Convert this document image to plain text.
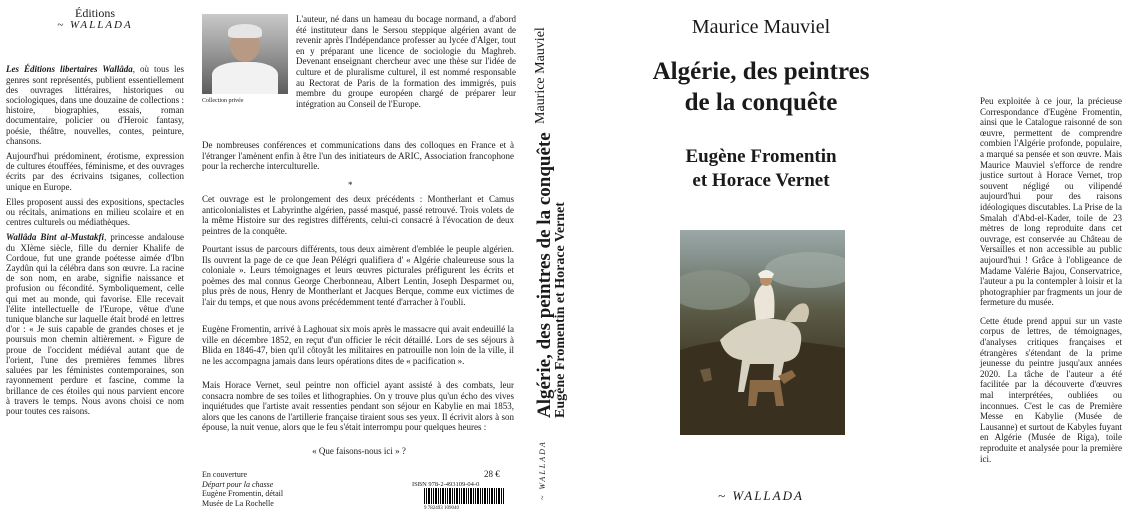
Éditions
~ WALLADA

Les Éditions libertaires Wallâda, où tous les genres sont représentés, publient essentiellement des ouvrages littéraires, historiques ou sociologiques, dans une douzaine de collections : histoire, biographies, essais, roman documentaire, policier ou d'Heroic fantasy, poésie, théâtre, nouvelles, contes, peinture, chansons.

Aujourd'hui prédominent, érotisme, expression de cultures étouffées, féminisme, et des ouvrages écrits par des écrivains tsiganes, collection unique en Europe.

Elles proposent aussi des expositions, spectacles ou récitals, animations en milieu scolaire et en centres culturels ou médiathèques.

Wallâda Bint al-Mustakfi, princesse andalouse du XIème siècle, fille du dernier Khalife de Cordoue, fut une grande poétesse aimée d'Ibn Zaydûn qui la célébra dans son œuvre. La racine de son nom, en arabe, signifie naissance et profusion ou fécondité. Symboliquement, celle qui met au monde, qui favorise. Elle recevait l'élite intellectuelle de l'Europe, vêtue d'une tunique blanche sur laquelle était brodé en lettres d'or : « Je suis capable de grandes choses et je poursuis mon chemin altièrement. » Figure de proue de l'occident médiéval autant que de l'orient, l'une des premières femmes libres saluées par les féministes contemporaines, son rayonnement perdure et fascine, comme la brillance de ces étoiles qui nous parvient encore à travers le temps. Nous avons choisi ce nom pour toutes ces raisons.

Collection privée

L'auteur, né dans un hameau du bocage normand, a d'abord été instituteur dans le Sersou steppique algérien avant de revenir après l'Indépendance professer au lycée d'Alger, tout en y préparant une licence de sociologie du Maghreb. Devenant enseignant chercheur avec une thèse sur l'idée de culture et de pluralisme culturel, il est nommé responsable au Rectorat de Paris de la formation des immigrés, puis membre du groupe européen chargé de préparer leur intégration au Conseil de l'Europe.

De nombreuses conférences et communications dans des colloques en France et à l'étranger l'amènent enfin à être l'un des initiateurs de ARIC, Association francophone pour la recherche interculturelle.

*

Cet ouvrage est le prolongement des deux précédents : Montherlant et Camus anticolonialistes et Labyrinthe algérien, passé masqué, passé retrouvé. Trois volets de la même Histoire sur des registres différents, celui-ci consacré à l'évocation de deux peintres de la conquête.

Pourtant issus de parcours différents, tous deux aimèrent d'emblée le peuple algérien. Ils ouvrent la page de ce que Jean Pélégri qualifiera d' « Algérie chaleureuse sous la coloniale ». Leurs témoignages et leurs œuvres picturales préfigurent les écrits et poèmes des mal connus George Cherbonneau, Albert Lentin, Joseph Desparmet ou, plus près de nous, Henry de Montherlant et Jacques Berque, comme eux victimes de l'air du temps, et que nous avons précédemment tenté d'arracher à l'oubli.

Eugène Fromentin, arrivé à Laghouat six mois après le massacre qui avait endeuillé la ville en décembre 1852, en reçut d'un officier le récit détaillé. Lors de ses séjours à Blida en 1846-47, bien qu'il côtoyât les militaires en patrouille non loin de la ville, il ne les accompagna jamais dans leurs opérations dites de « pacification ».

Mais Horace Vernet, seul peintre non officiel ayant assisté à des combats, leur consacra nombre de ses toiles et lithographies. On y trouve plus qu'un écho des vives inquiétudes que l'artiste avait ressenties pendant son séjour en Kabylie en mai 1853, alors que les canons de l'artillerie française tiraient sous ses yeux. Il écrivit alors à son épouse, la nuit venue, alors que le feu s'était interrompu pour quelques heures :

« Que faisons-nous ici » ?
En couverture
Départ pour la chasse
Eugène Fromentin, détail
Musée de La Rochelle
28 €
ISBN 978-2-493109-04-0
9 782493 109040
Maurice Mauviel
Algérie, des peintres de la conquête
Eugène Fromentin et Horace Vernet
~ WALLADA
Maurice Mauviel
Algérie, des peintres
de la conquête
Eugène Fromentin
et Horace Vernet
~ WALLADA

Peu exploitée à ce jour, la précieuse Correspondance d'Eugène Fromentin, ainsi que le Catalogue raisonné de son œuvre, permettent de comprendre combien l'Algérie profonde, populaire, a marqué sa pensée et son œuvre. Mais Maurice Mauviel s'efforce de rendre justice surtout à Horace Vernet, trop souvent négligé ou vilipendé aujourd'hui pour des raisons idéologiques discutables. La Prise de la Smalah d'Abd-el-Kader, toile de 23 mètres de long reproduite dans cet ouvrage, est conservée au Château de Versailles et non accessible au public aujourd'hui ! Grâce à l'obligeance de Madame Valérie Bajou, Conservatrice, l'auteur a pu la contempler à loisir et la photographier par fragments un jour de fermeture du musée.

Cette étude prend appui sur un vaste corpus de lettres, de témoignages, d'analyses critiques françaises et étrangères s'étendant de la prime jeunesse du peintre jusqu'aux années 2020. La tâche de l'auteur a été facilitée par la découverte d'œuvres mal interprétées, oubliées ou inconnues. C'est le cas de Première Messe en Kabylie (Musée de Lausanne) et surtout de Kabyles fuyant en Algérie (Musée de Riga), toile reproduite et analysée pour la première ici.
